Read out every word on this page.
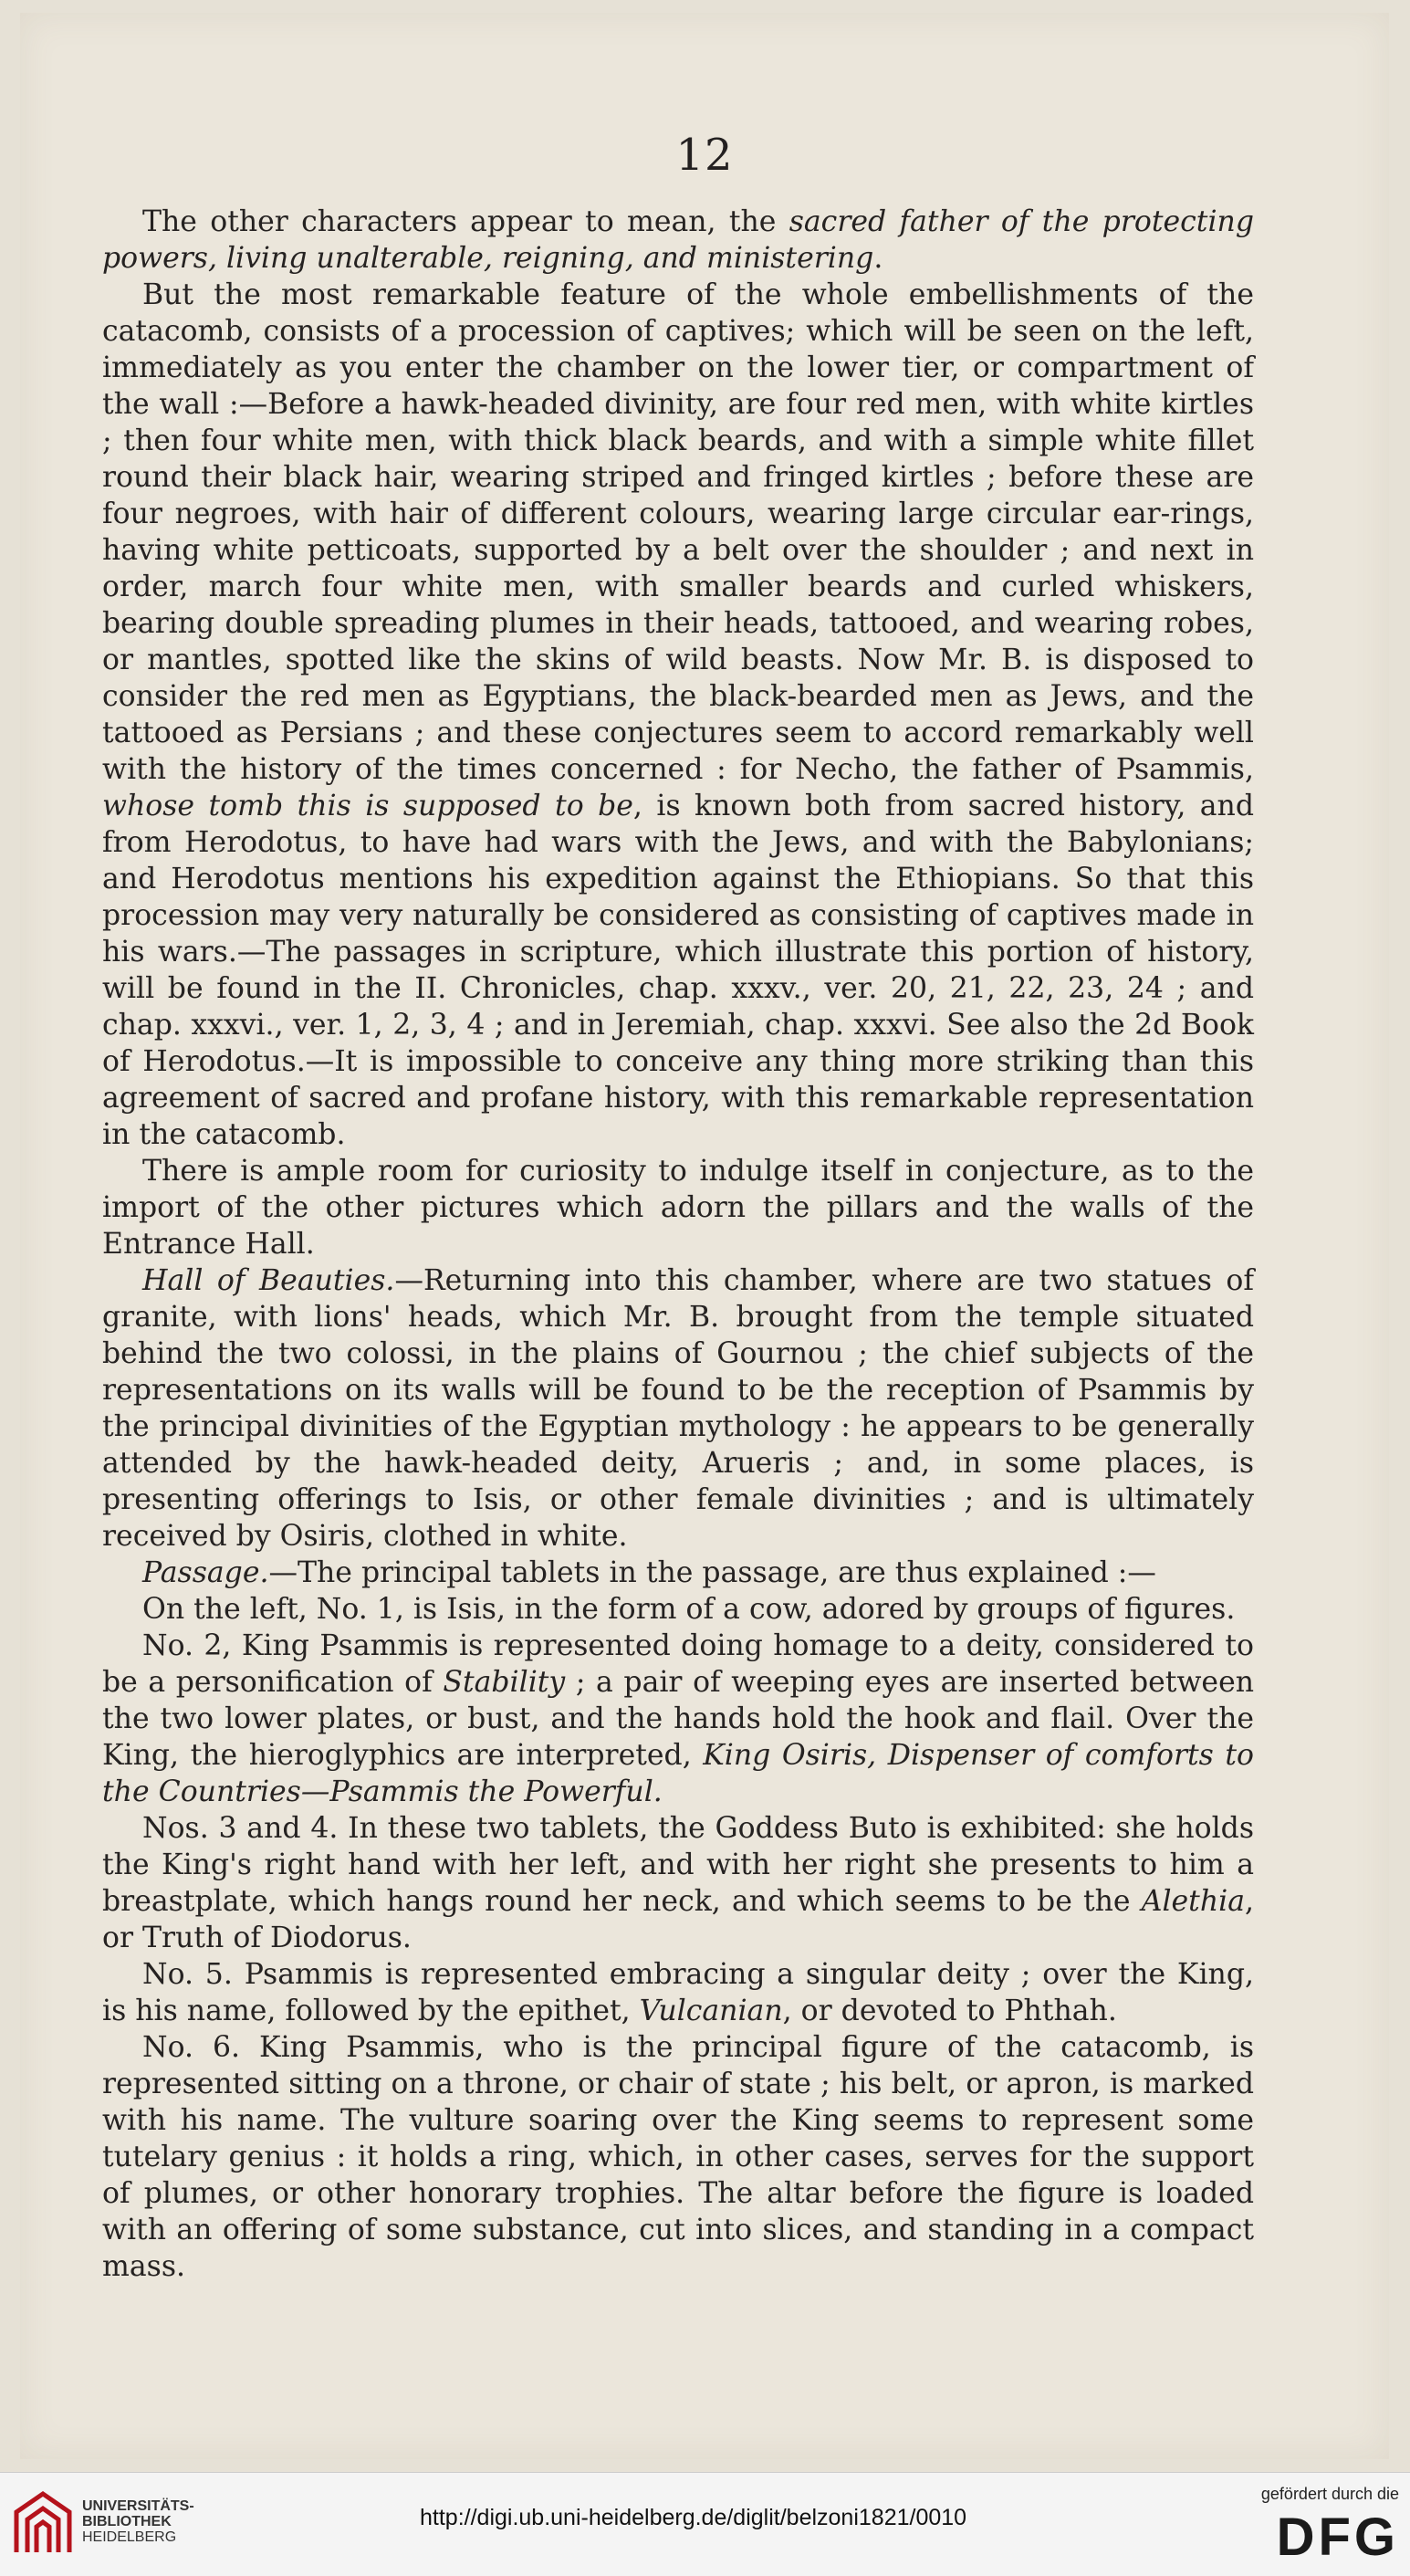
12

The other characters appear to mean, the sacred father of the protecting powers, living unalterable, reigning, and ministering.

But the most remarkable feature of the whole embellishments of the catacomb, consists of a procession of captives; which will be seen on the left, immediately as you enter the chamber on the lower tier, or compartment of the wall :—Before a hawk-headed divinity, are four red men, with white kirtles ; then four white men, with thick black beards, and with a simple white fillet round their black hair, wearing striped and fringed kirtles ; before these are four negroes, with hair of different colours, wearing large circular ear-rings, having white petticoats, supported by a belt over the shoulder ; and next in order, march four white men, with smaller beards and curled whiskers, bearing double spreading plumes in their heads, tattooed, and wearing robes, or mantles, spotted like the skins of wild beasts. Now Mr. B. is disposed to consider the red men as Egyptians, the black-bearded men as Jews, and the tattooed as Persians ; and these conjectures seem to accord remarkably well with the history of the times concerned : for Necho, the father of Psammis, whose tomb this is supposed to be, is known both from sacred history, and from Herodotus, to have had wars with the Jews, and with the Babylonians; and Herodotus mentions his expedition against the Ethiopians. So that this procession may very naturally be considered as consisting of captives made in his wars.—The passages in scripture, which illustrate this portion of history, will be found in the II. Chronicles, chap. xxxv., ver. 20, 21, 22, 23, 24 ; and chap. xxxvi., ver. 1, 2, 3, 4 ; and in Jeremiah, chap. xxxvi. See also the 2d Book of Herodotus.—It is impossible to conceive any thing more striking than this agreement of sacred and profane history, with this remarkable representation in the catacomb.

There is ample room for curiosity to indulge itself in conjecture, as to the import of the other pictures which adorn the pillars and the walls of the Entrance Hall.

Hall of Beauties.—Returning into this chamber, where are two statues of granite, with lions' heads, which Mr. B. brought from the temple situated behind the two colossi, in the plains of Gournou ; the chief subjects of the representations on its walls will be found to be the reception of Psammis by the principal divinities of the Egyptian mythology : he appears to be generally attended by the hawk-headed deity, Arueris ; and, in some places, is presenting offerings to Isis, or other female divinities ; and is ultimately received by Osiris, clothed in white.

Passage.—The principal tablets in the passage, are thus explained :—

On the left, No. 1, is Isis, in the form of a cow, adored by groups of figures.

No. 2, King Psammis is represented doing homage to a deity, considered to be a personification of Stability ; a pair of weeping eyes are inserted between the two lower plates, or bust, and the hands hold the hook and flail. Over the King, the hieroglyphics are interpreted, King Osiris, Dispenser of comforts to the Countries—Psammis the Powerful.

Nos. 3 and 4. In these two tablets, the Goddess Buto is exhibited: she holds the King's right hand with her left, and with her right she presents to him a breastplate, which hangs round her neck, and which seems to be the Alethia, or Truth of Diodorus.

No. 5. Psammis is represented embracing a singular deity ; over the King, is his name, followed by the epithet, Vulcanian, or devoted to Phthah.

No. 6. King Psammis, who is the principal figure of the catacomb, is represented sitting on a throne, or chair of state ; his belt, or apron, is marked with his name. The vulture soaring over the King seems to represent some tutelary genius : it holds a ring, which, in other cases, serves for the support of plumes, or other honorary trophies. The altar before the figure is loaded with an offering of some substance, cut into slices, and standing in a compact mass.

UNIVERSITÄTS-
BIBLIOTHEK
HEIDELBERG
http://digi.ub.uni-heidelberg.de/diglit/belzoni1821/0010
gefördert durch die
DFG
